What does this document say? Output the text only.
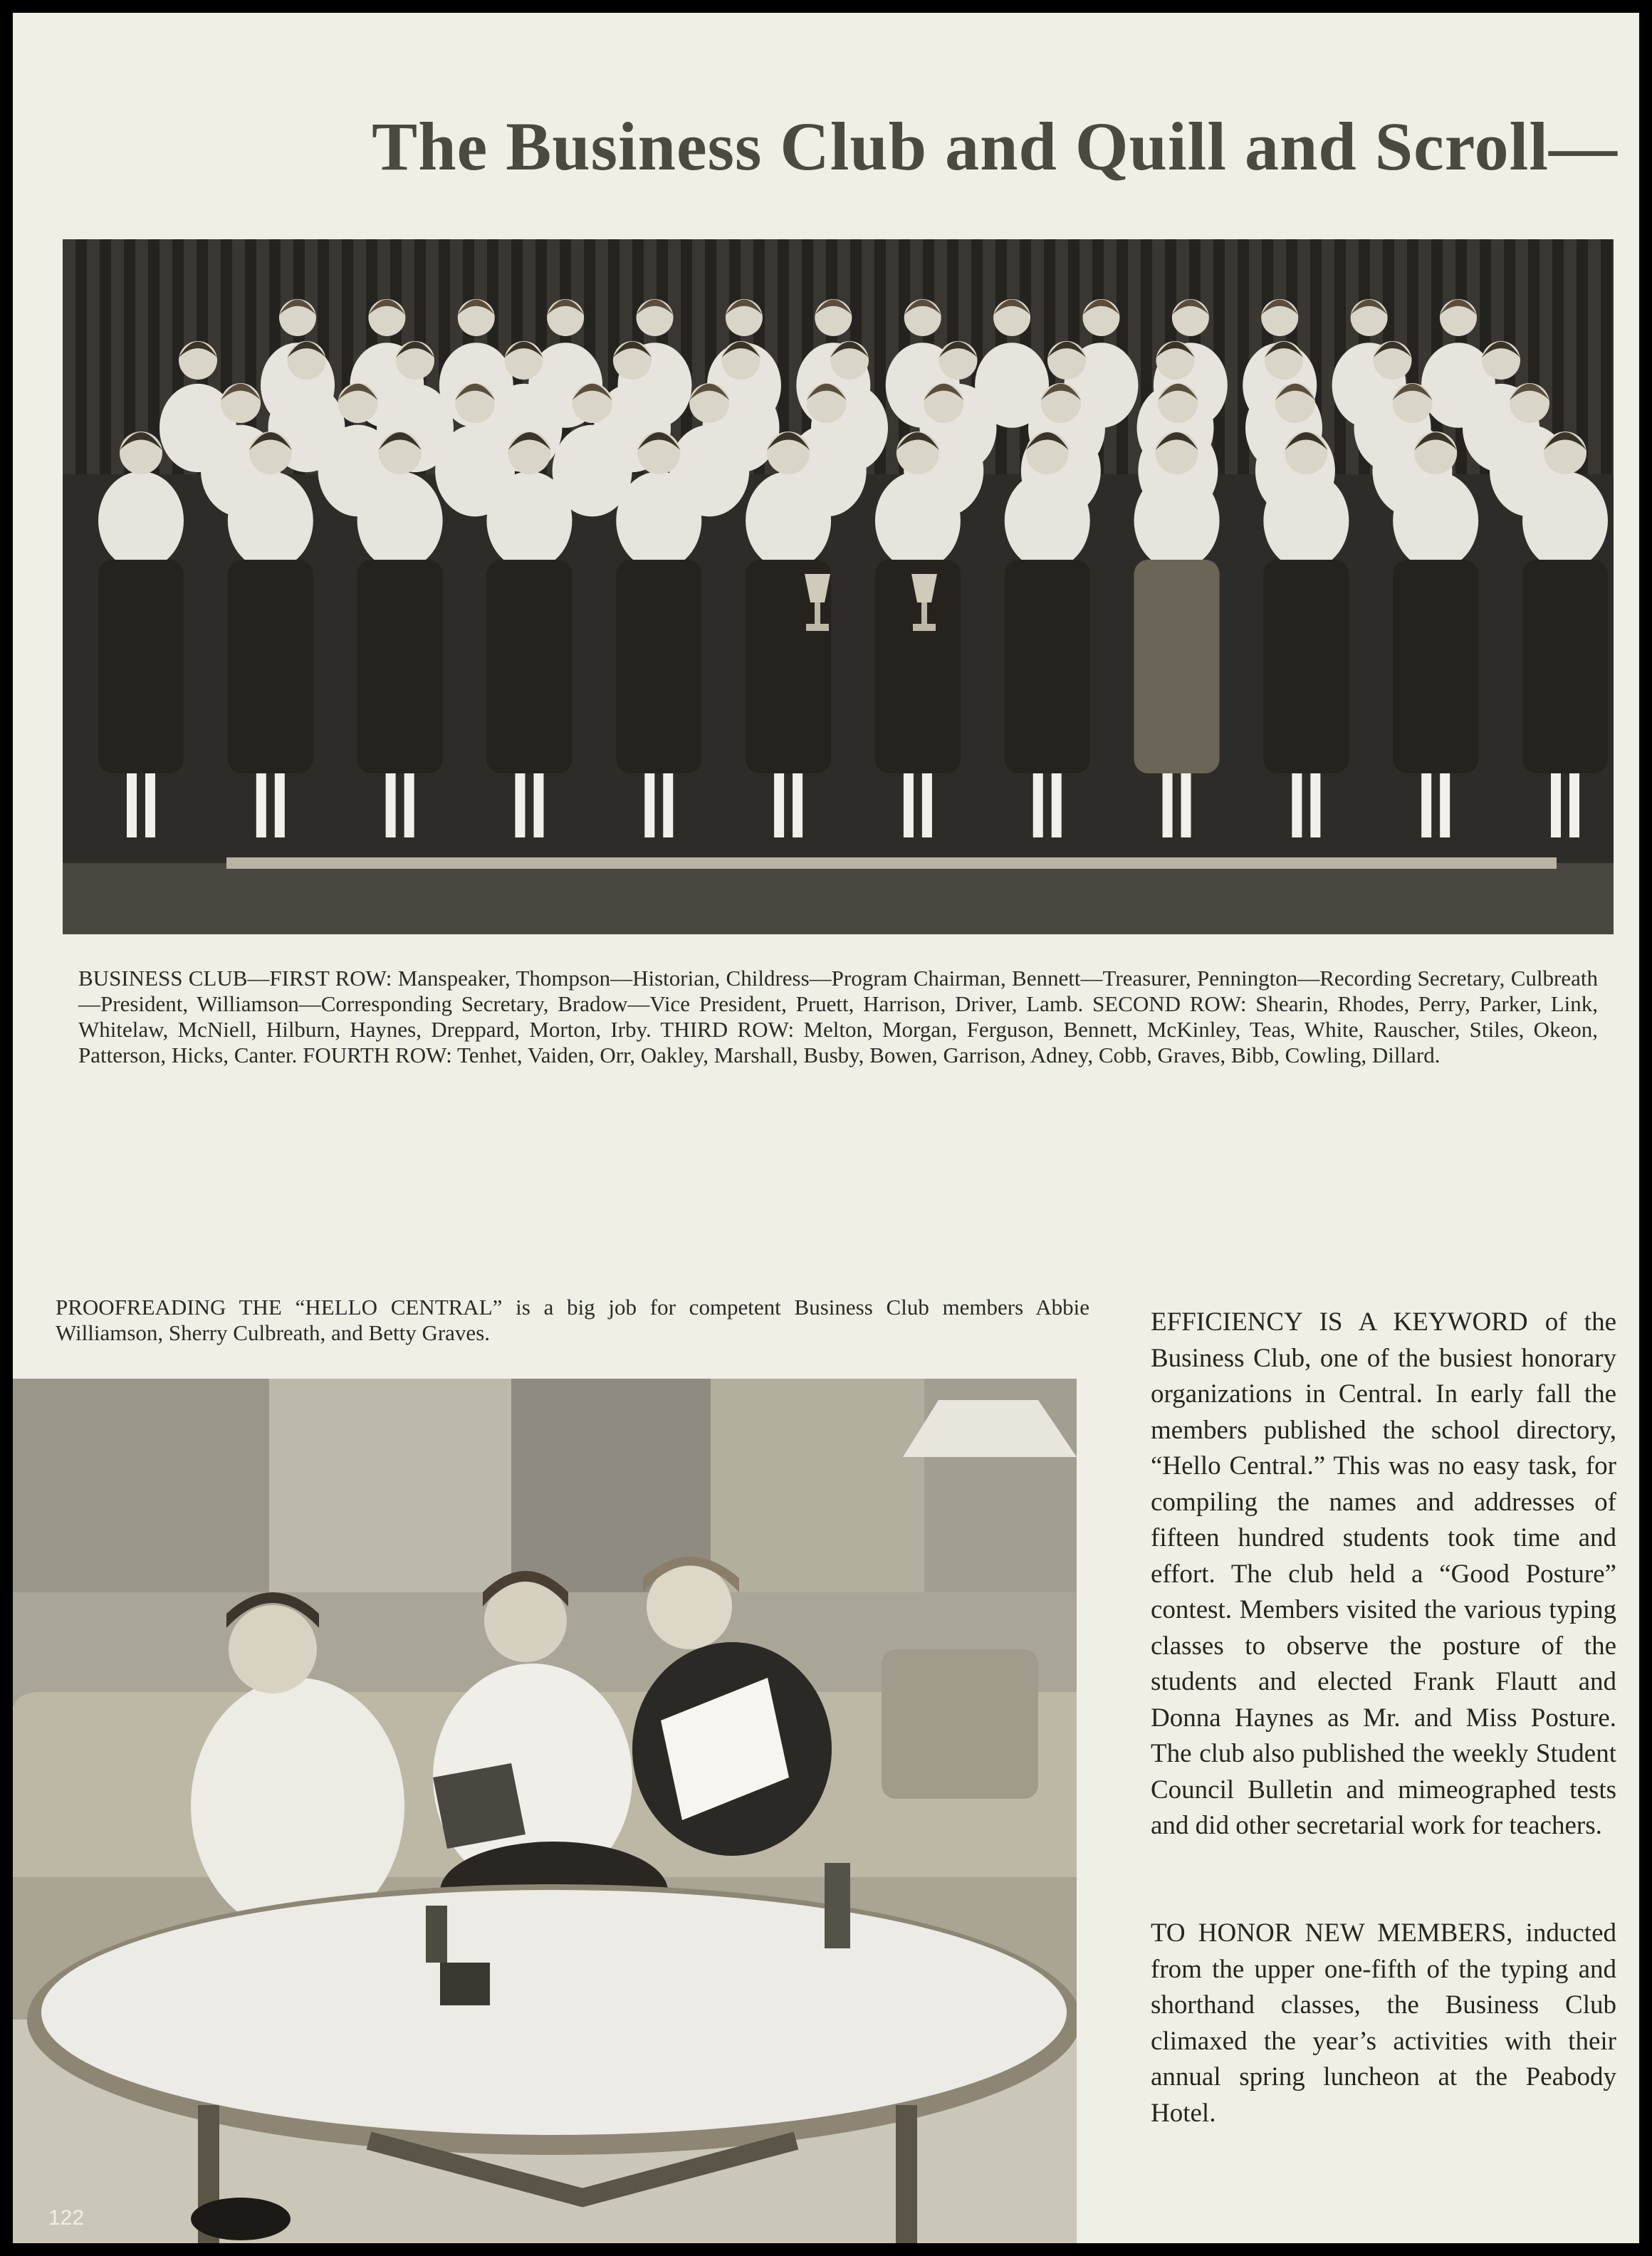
The Business Club and Quill and Scroll—

BUSINESS CLUB—FIRST ROW: Manspeaker, Thompson—Historian, Childress—Program Chairman, Bennett—Treasurer, Pennington—Recording Secretary, Culbreath—President, Williamson—Corresponding Secretary, Bradow—Vice President, Pruett, Harrison, Driver, Lamb. SECOND ROW: Shearin, Rhodes, Perry, Parker, Link, Whitelaw, McNiell, Hilburn, Haynes, Dreppard, Morton, Irby. THIRD ROW: Melton, Morgan, Ferguson, Bennett, McKinley, Teas, White, Rauscher, Stiles, Okeon, Patterson, Hicks, Canter. FOURTH ROW: Tenhet, Vaiden, Orr, Oakley, Marshall, Busby, Bowen, Garrison, Adney, Cobb, Graves, Bibb, Cowling, Dillard.

PROOFREADING THE “HELLO CENTRAL” is a big job for competent Business Club members Abbie Williamson, Sherry Culbreath, and Betty Graves.	EFFICIENCY IS A KEYWORD of the Business Club, one of the busiest honorary organizations in Central. In early fall the members published the school directory, “Hello Central.” This was no easy task, for compiling the names and addresses of fifteen hundred students took time and effort. The club held a “Good Posture” contest. Members visited the various typing classes to observe the posture of the students and elected Frank Flautt and Donna Haynes as Mr. and Miss Posture. The club also published the weekly Student Council Bulletin and mimeographed tests and did other secretarial work for teachers.

TO HONOR NEW MEMBERS, inducted from the upper one-fifth of the typing and shorthand classes, the Business Club climaxed the year’s activities with their annual spring luncheon at the Peabody Hotel.

122
